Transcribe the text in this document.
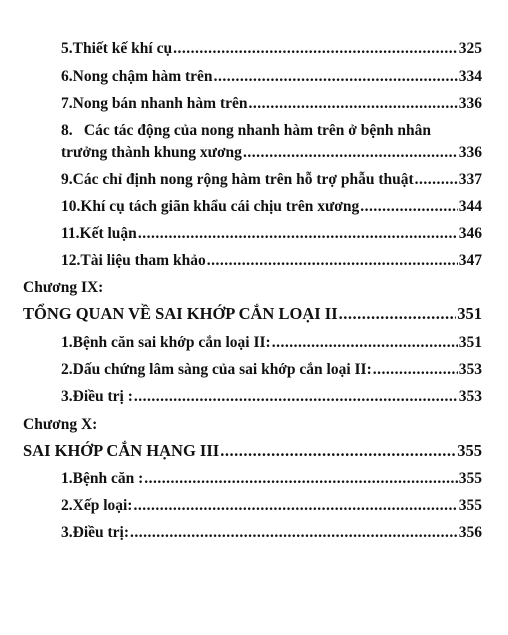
5. Thiết kế khí cụ .....	325
6. Nong chậm hàm trên .....	334
7. Nong bán nhanh hàm trên .....	336
8. Các tác động của nong nhanh hàm trên ở bệnh nhân
trưởng thành khung xương .....	336
9. Các chỉ định nong rộng hàm trên hỗ trợ phẫu thuật .....	337
10. Khí cụ tách giãn khẩu cái chịu trên xương .....	344
11. Kết luận .....	346
12. Tài liệu tham khảo .....	347
Chương IX:
TỔNG QUAN VỀ SAI KHỚP CẮN LOẠI II .....	351
1. Bệnh căn sai khớp cắn loại II: .....	351
2. Dấu chứng lâm sàng của sai khớp cắn loại II: .....	353
3. Điều trị : .....	353
Chương X:
SAI KHỚP CẮN HẠNG III .....	355
1. Bệnh căn : .....	355
2. Xếp loại: .....	355
3. Điều trị: .....	356
